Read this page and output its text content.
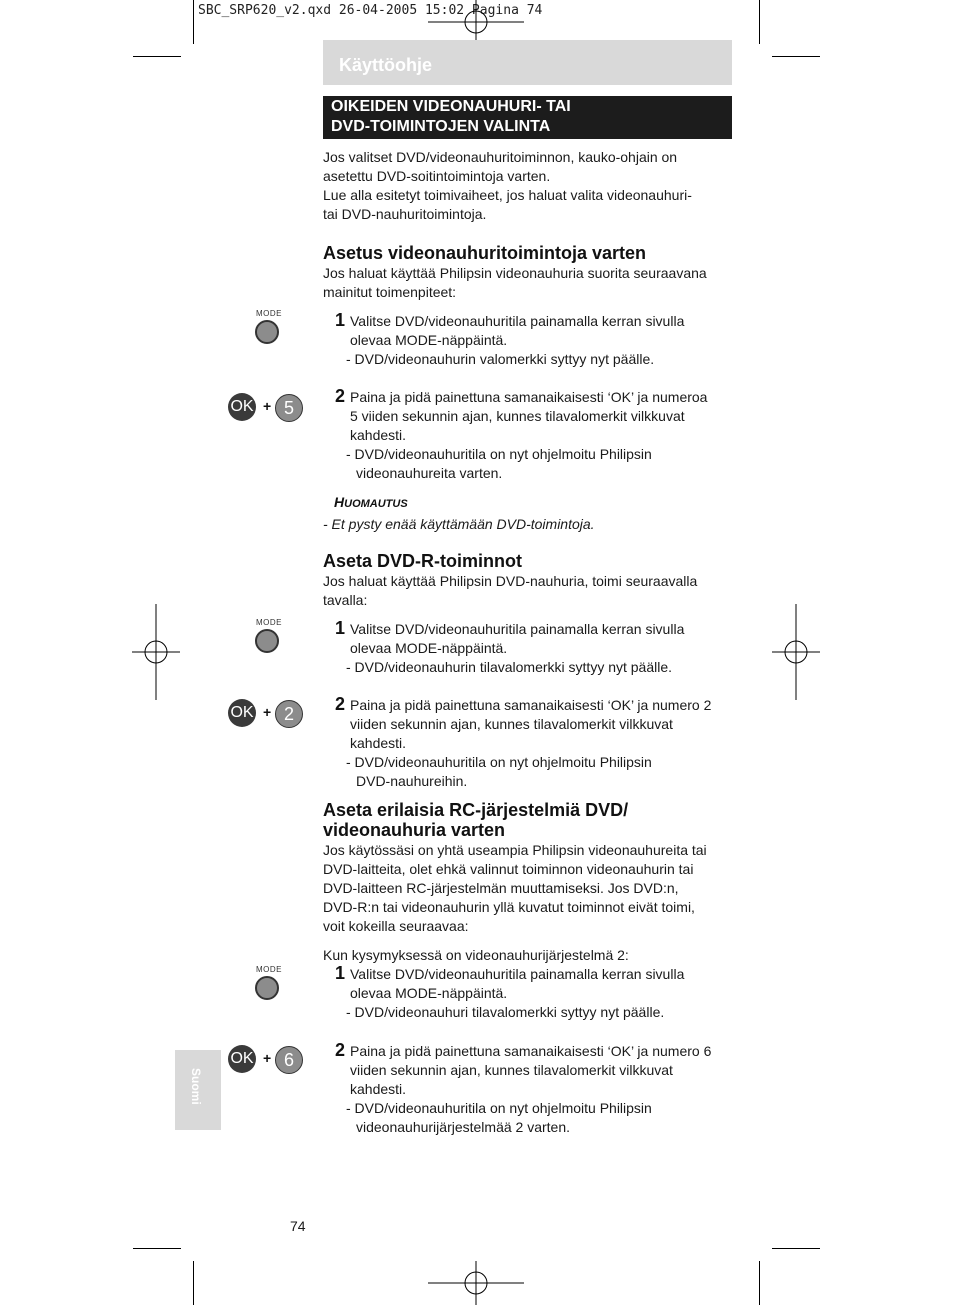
SBC_SRP620_v2.qxd 26-04-2005 15:02 Pagina 74
Käyttöohje
OIKEIDEN VIDEONAUHURI- TAI
DVD-TOIMINTOJEN VALINTA
Jos valitset DVD/videonauhuritoiminnon, kauko-ohjain on
asetettu DVD-soitintoimintoja varten.
Lue alla esitetyt toimivaiheet, jos haluat valita videonauhuri-
tai DVD-nauhuritoimintoja.
Asetus videonauhuritoimintoja varten
Jos haluat käyttää Philipsin videonauhuria suorita seuraavana
mainitut toimenpiteet:
MODE	1 Valitse DVD/videonauhuritila painamalla kerran sivulla
olevaa MODE-näppäintä.
- DVD/videonauhurin valomerkki syttyy nyt päälle.
OK + 5
2 Paina ja pidä painettuna samanaikaisesti ‘OK’ ja numeroa
5 viiden sekunnin ajan, kunnes tilavalomerkit vilkkuvat
kahdesti.
- DVD/videonauhuritila on nyt ohjelmoitu Philipsin
videonauhureita varten.
HUOMAUTUS
- Et pysty enää käyttämään DVD-toimintoja.
Aseta DVD-R-toiminnot
Jos haluat käyttää Philipsin DVD-nauhuria, toimi seuraavalla
tavalla:
MODE	1 Valitse DVD/videonauhuritila painamalla kerran sivulla
olevaa MODE-näppäintä.
- DVD/videonauhurin tilavalomerkki syttyy nyt päälle.
OK + 2	2 Paina ja pidä painettuna samanaikaisesti ‘OK’ ja numero 2
viiden sekunnin ajan, kunnes tilavalomerkit vilkkuvat
kahdesti.
- DVD/videonauhuritila on nyt ohjelmoitu Philipsin
DVD-nauhureihin.
Aseta erilaisia RC-järjestelmiä DVD/
videonauhuria varten
Jos käytössäsi on yhtä useampia Philipsin videonauhureita tai
DVD-laitteita, olet ehkä valinnut toiminnon videonauhurin tai
DVD-laitteen RC-järjestelmän muuttamiseksi. Jos DVD:n,
DVD-R:n tai videonauhurin yllä kuvatut toiminnot eivät toimi,
voit kokeilla seuraavaa:
Kun kysymyksessä on videonauhurijärjestelmä 2:
MODE	1 Valitse DVD/videonauhuritila painamalla kerran sivulla
olevaa MODE-näppäintä.
- DVD/videonauhuri tilavalomerkki syttyy nyt päälle.
OK + 6	2 Paina ja pidä painettuna samanaikaisesti ‘OK’ ja numero 6
viiden sekunnin ajan, kunnes tilavalomerkit vilkkuvat
kahdesti.
- DVD/videonauhuritila on nyt ohjelmoitu Philipsin
videonauhurijärjestelmää 2 varten.
Suomi
74
